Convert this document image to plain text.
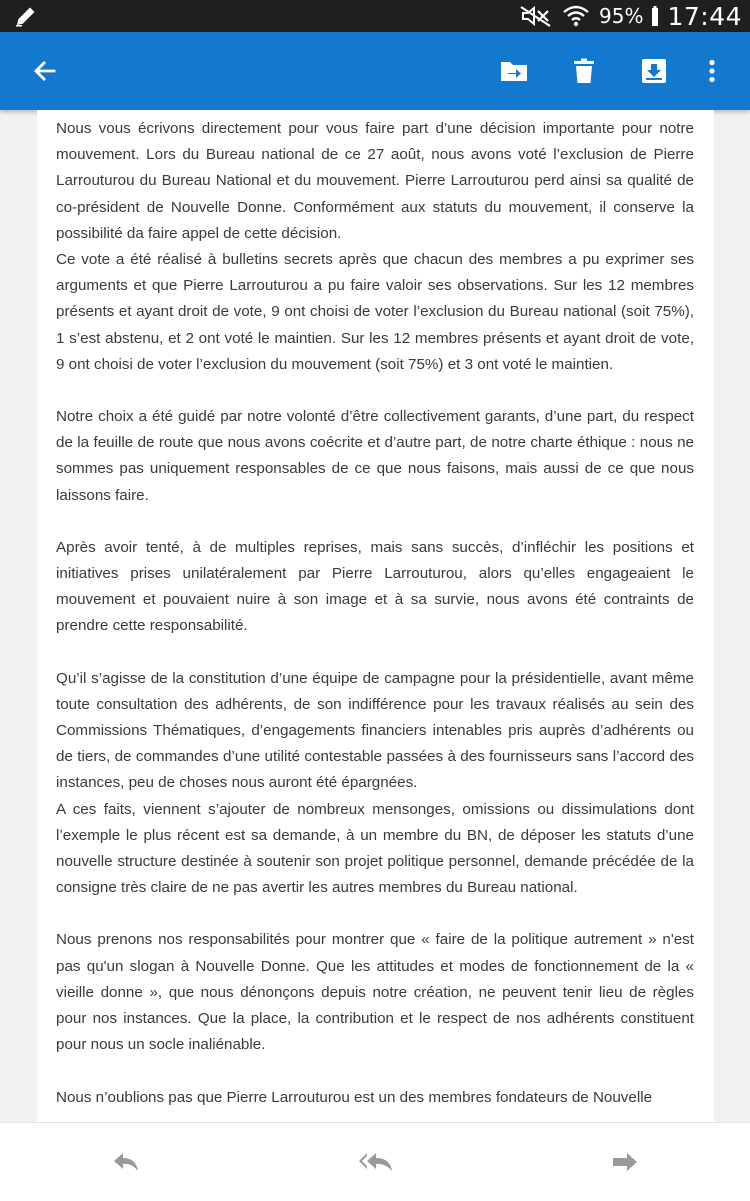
95% 17:44

Nous vous écrivons directement pour vous faire part d’une décision importante pour notre mouvement. Lors du Bureau national de ce 27 août, nous avons voté l’exclusion de Pierre Larrouturou du Bureau National et du mouvement. Pierre Larrouturou perd ainsi sa qualité de co-président de Nouvelle Donne. Conformément aux statuts du mouvement, il conserve la possibilité da faire appel de cette décision.

Ce vote a été réalisé à bulletins secrets après que chacun des membres a pu exprimer ses arguments et que Pierre Larrouturou a pu faire valoir ses observations. Sur les 12 membres présents et ayant droit de vote, 9 ont choisi de voter l’exclusion du Bureau national (soit 75%), 1 s’est abstenu, et 2 ont voté le maintien. Sur les 12 membres présents et ayant droit de vote, 9 ont choisi de voter l’exclusion du mouvement (soit 75%) et 3 ont voté le maintien.

Notre choix a été guidé par notre volonté d’être collectivement garants, d’une part, du respect de la feuille de route que nous avons coécrite et d’autre part, de notre charte éthique : nous ne sommes pas uniquement responsables de ce que nous faisons, mais aussi de ce que nous laissons faire.

Après avoir tenté, à de multiples reprises, mais sans succès, d’infléchir les positions et initiatives prises unilatéralement par Pierre Larrouturou, alors qu’elles engageaient le mouvement et pouvaient nuire à son image et à sa survie, nous avons été contraints de prendre cette responsabilité.

Qu’il s’agisse de la constitution d’une équipe de campagne pour la présidentielle, avant même toute consultation des adhérents, de son indifférence pour les travaux réalisés au sein des Commissions Thématiques, d’engagements financiers intenables pris auprès d’adhérents ou de tiers, de commandes d’une utilité contestable passées à des fournisseurs sans l’accord des instances, peu de choses nous auront été épargnées.

A ces faits, viennent s’ajouter de nombreux mensonges, omissions ou dissimulations dont l’exemple le plus récent est sa demande, à un membre du BN, de déposer les statuts d’une nouvelle structure destinée à soutenir son projet politique personnel, demande précédée de la consigne très claire de ne pas avertir les autres membres du Bureau national.

Nous prenons nos responsabilités pour montrer que « faire de la politique autrement » n'est pas qu'un slogan à Nouvelle Donne. Que les attitudes et modes de fonctionnement de la « vieille donne », que nous dénonçons depuis notre création, ne peuvent tenir lieu de règles pour nos instances. Que la place, la contribution et le respect de nos adhérents constituent pour nous un socle inaliénable.

Nous n’oublions pas que Pierre Larrouturou est un des membres fondateurs de Nouvelle
